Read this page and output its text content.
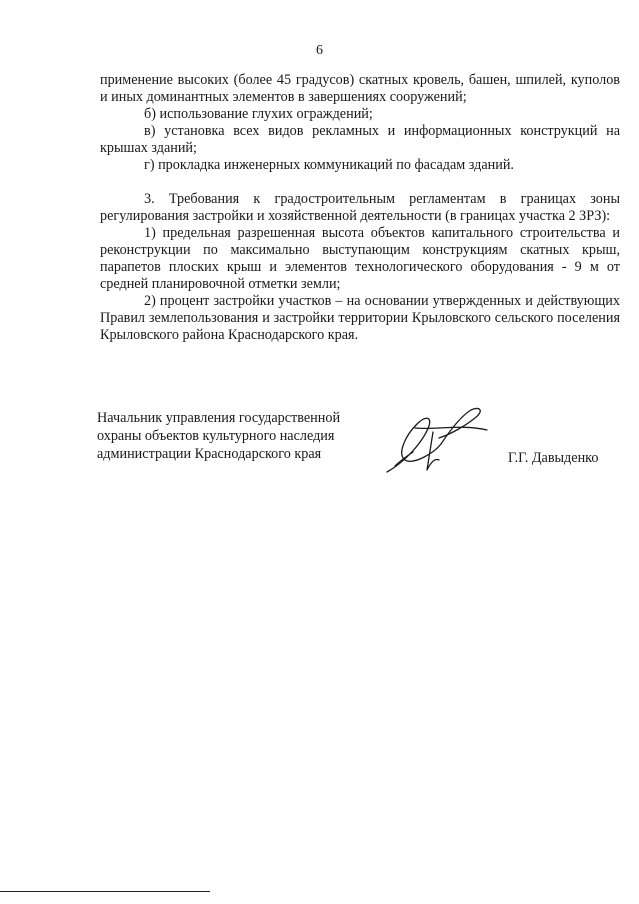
6

применение высоких (более 45 градусов) скатных кровель, башен, шпилей, куполов и иных доминантных элементов в завершениях сооружений;

б) использование глухих ограждений;

в) установка всех видов рекламных и информационных конструкций на крышах зданий;

г) прокладка инженерных коммуникаций по фасадам зданий.

3. Требования к градостроительным регламентам в границах зоны регулирования застройки и хозяйственной деятельности (в границах участка 2 ЗРЗ):

1) предельная разрешенная высота объектов капитального строительства и реконструкции по максимально выступающим конструкциям скатных крыш, парапетов плоских крыш и элементов технологического оборудования - 9 м от средней планировочной отметки земли;

2) процент застройки участков – на основании утвержденных и действующих Правил землепользования и застройки территории Крыловского сельского поселения Крыловского района Краснодарского края.

Начальник управления государственной
охраны объектов культурного наследия
администрации Краснодарского края	Г.Г. Давыденко
